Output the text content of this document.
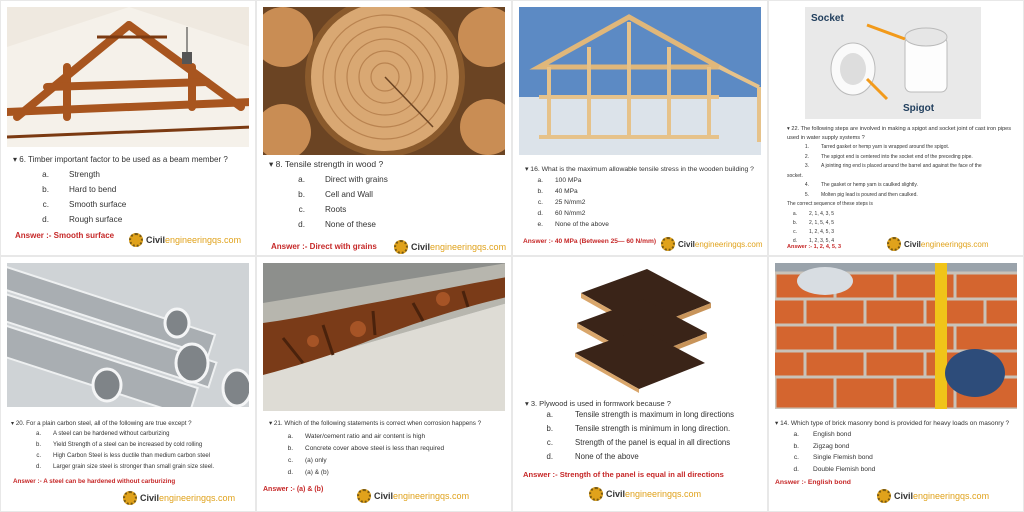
▾ 6. Timber important factor to be used as a beam member ?
a.	Strength
b.	Hard to bend
c.	Smooth surface
d.	Rough surface
Answer :- Smooth surface	Civil engineeringqs.com
▾ 8. Tensile strength in wood ?
a.	Direct with grains
b.	Cell and Wall
c.	Roots
d.	None of these
Answer :- Direct with grains	Civil engineeringqs.com
▾ 16. What is the maximum allowable tensile stress in the wooden building ?
a.	100 MPa
b.	40 MPa
c.	25 N/mm2
d.	60 N/mm2
e.	None of the above
Answer :- 40 MPa (Between 25— 60 N/mm)	Civil engineeringqs.com
Socket
Spigot
▾ 22. The following steps are involved in making a spigot and socket joint of cast iron pipes used in water supply systems ?
1.	Tarred gasket or hemp yarn is wrapped around the spigot.
2.	The spigot end is centered into the socket end of the preceding pipe.
3.	A jointing ring end is placed around the barrel and against the face of the
socket.
4.	The gasket or hemp yarn is caulked slightly.
5.	Molten pig lead is poured and then caulked.
The correct sequence of these steps is
a.	2, 1, 4, 3, 5
b.	2, 1, 5, 4, 5
c.	1, 2, 4, 5, 3
d.	1, 2, 3, 5, 4
Answer :- 1, 2, 4, 5, 3	Civil engineeringqs.com
▾ 20. For a plain carbon steel, all of the following are true except ?
a.	A steel can be hardened without carburizing
b.	Yield Strength of a steel can be increased by cold rolling
c.	High Carbon Steel is less ductile than medium carbon steel
d.	Larger grain size steel is stronger than small grain size steel.
Answer :- A steel can be hardened without carburizing
Civil engineeringqs.com
▾ 21. Which of the following statements is correct when corrosion happens ?
a.	Water/cement ratio and air content is high
b.	Concrete cover above steel is less than required
c.	(a) only
d.	(a) & (b)
Answer :- (a) & (b)
Civil engineeringqs.com
▾ 3. Plywood is used in formwork because ?
a.	Tensile strength is maximum in long directions
b.	Tensile strength is minimum in long direction.
c.	Strength of the panel is equal in all directions
d.	None of the above
Answer :- Strength of the panel is equal in all directions
Civil engineeringqs.com
▾ 14. Which type of brick masonry bond is provided for heavy loads on masonry ?
a.	English bond
b.	Zigzag bond
c.	Single Flemish bond
d.	Double Flemish bond
Answer :- English bond
Civil engineeringqs.com
